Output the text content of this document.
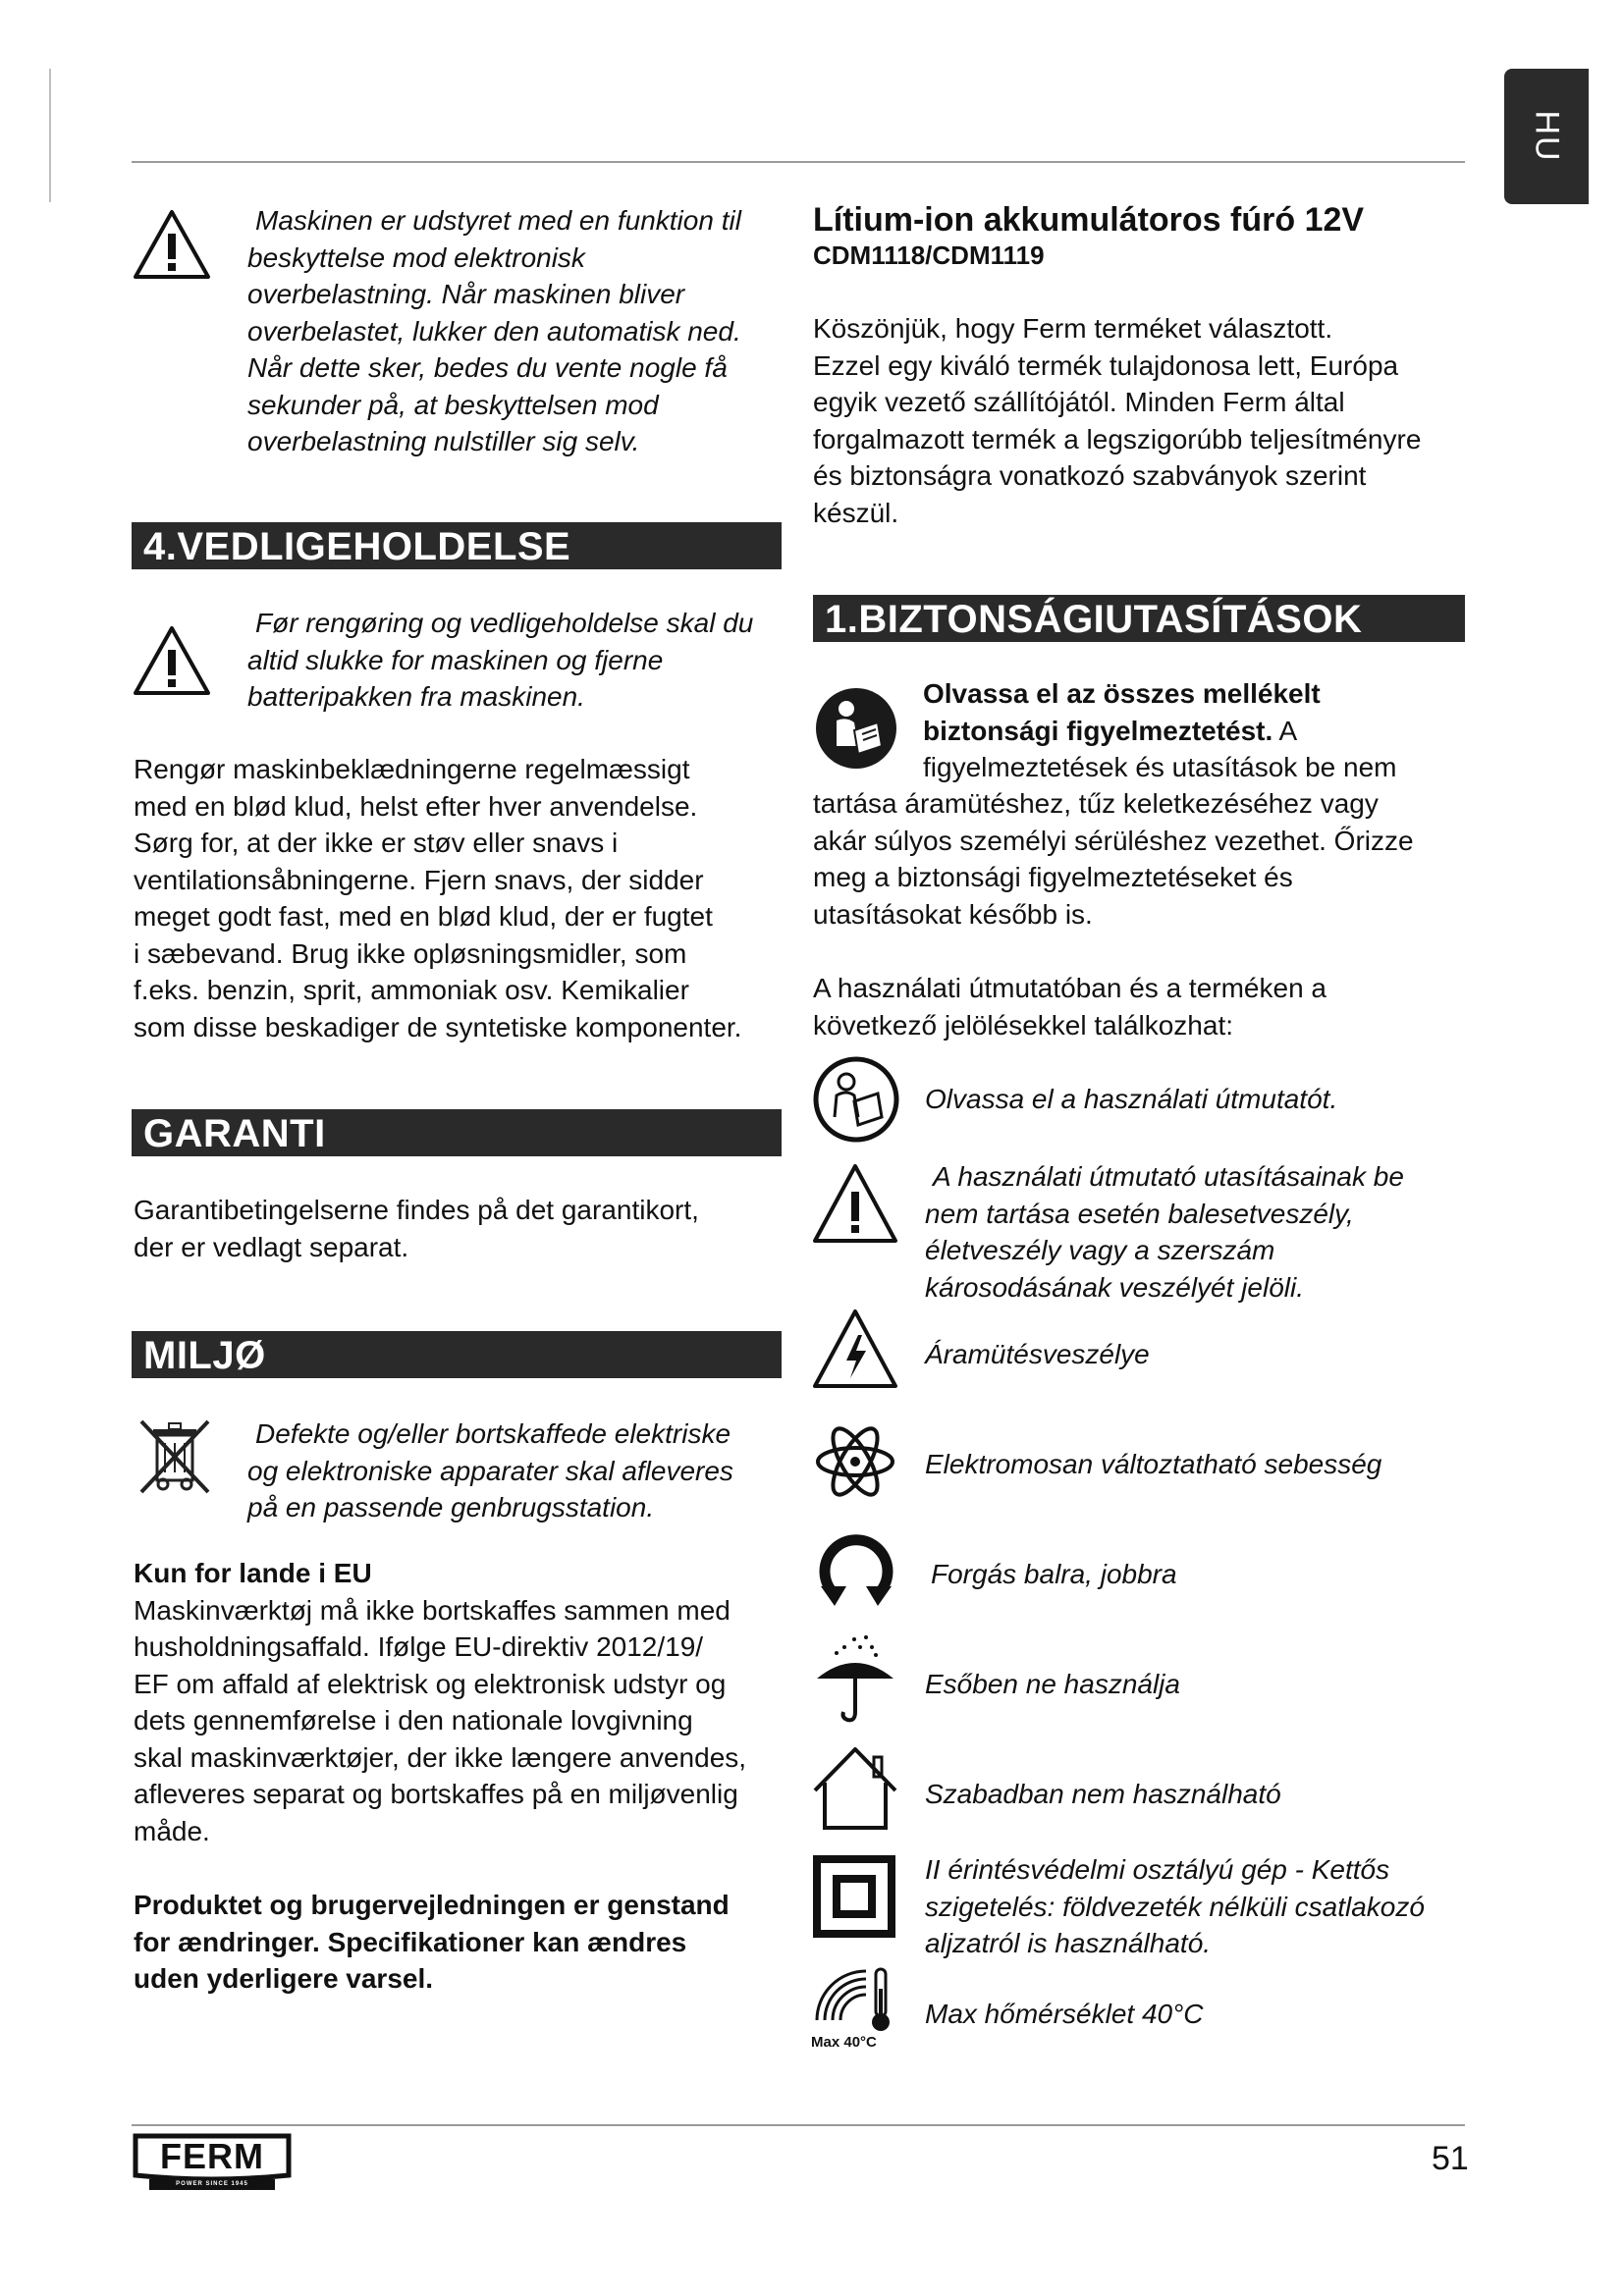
HU
Maskinen er udstyret med en funktion til
beskyttelse mod elektronisk
overbelastning. Når maskinen bliver
overbelastet, lukker den automatisk ned.
Når dette sker, bedes du vente nogle få
sekunder på, at beskyttelsen mod
overbelastning nulstiller sig selv.
4.VEDLIGEHOLDELSE
Før rengøring og vedligeholdelse skal du
altid slukke for maskinen og fjerne
batteripakken fra maskinen.

Rengør maskinbeklædningerne regelmæssigt

med en blød klud, helst efter hver anvendelse.

Sørg for, at der ikke er støv eller snavs i

ventilationsåbningerne. Fjern snavs, der sidder

meget godt fast, med en blød klud, der er fugtet

i sæbevand. Brug ikke opløsningsmidler, som

f.eks. benzin, sprit, ammoniak osv. Kemikalier

som disse beskadiger de syntetiske komponenter.

GARANTI

Garantibetingelserne findes på det garantikort,

der er vedlagt separat.

MILJØ
Defekte og/eller bortskaffede elektriske
og elektroniske apparater skal afleveres
på en passende genbrugsstation.

Kun for lande i EU

Maskinværktøj må ikke bortskaffes sammen med

husholdningsaffald. Ifølge EU-direktiv 2012/19/

EF om affald af elektrisk og elektronisk udstyr og

dets gennemførelse i den nationale lovgivning

skal maskinværktøjer, der ikke længere anvendes,

afleveres separat og bortskaffes på en miljøvenlig

måde.

Produktet og brugervejledningen er genstand

for ændringer. Specifikationer kan ændres

uden yderligere varsel.

Lítium-ion akkumulátoros fúró 12V
CDM1118/CDM1119

Köszönjük, hogy Ferm terméket választott.

Ezzel egy kiváló termék tulajdonosa lett, Európa

egyik vezető szállítójától. Minden Ferm által

forgalmazott termék a legszigorúbb teljesítményre

és biztonságra vonatkozó szabványok szerint

készül.

1.BIZTONSÁGIUTASÍTÁSOK

Olvassa el az összes mellékelt

biztonsági figyelmeztetést. A

figyelmeztetések és utasítások be nem

tartása áramütéshez, tűz keletkezéséhez vagy

akár súlyos személyi sérüléshez vezethet. Őrizze

meg a biztonsági figyelmeztetéseket és

utasításokat később is.

A használati útmutatóban és a terméken a

következő jelölésekkel találkozhat:

Olvassa el a használati útmutatót.
A használati útmutató utasításainak be
nem tartása esetén balesetveszély,
életveszély vagy a szerszám
károsodásának veszélyét jelöli.
Áramütésveszélye
Elektromosan változtatható sebesség
Forgás balra, jobbra
Esőben ne használja
Szabadban nem használható
II érintésvédelmi osztályú gép - Kettős
szigetelés: földvezeték nélküli csatlakozó
aljzatról is használható.
Max 40°C
Max hőmérséklet 40°C
FERM
POWER SINCE 1945
51
